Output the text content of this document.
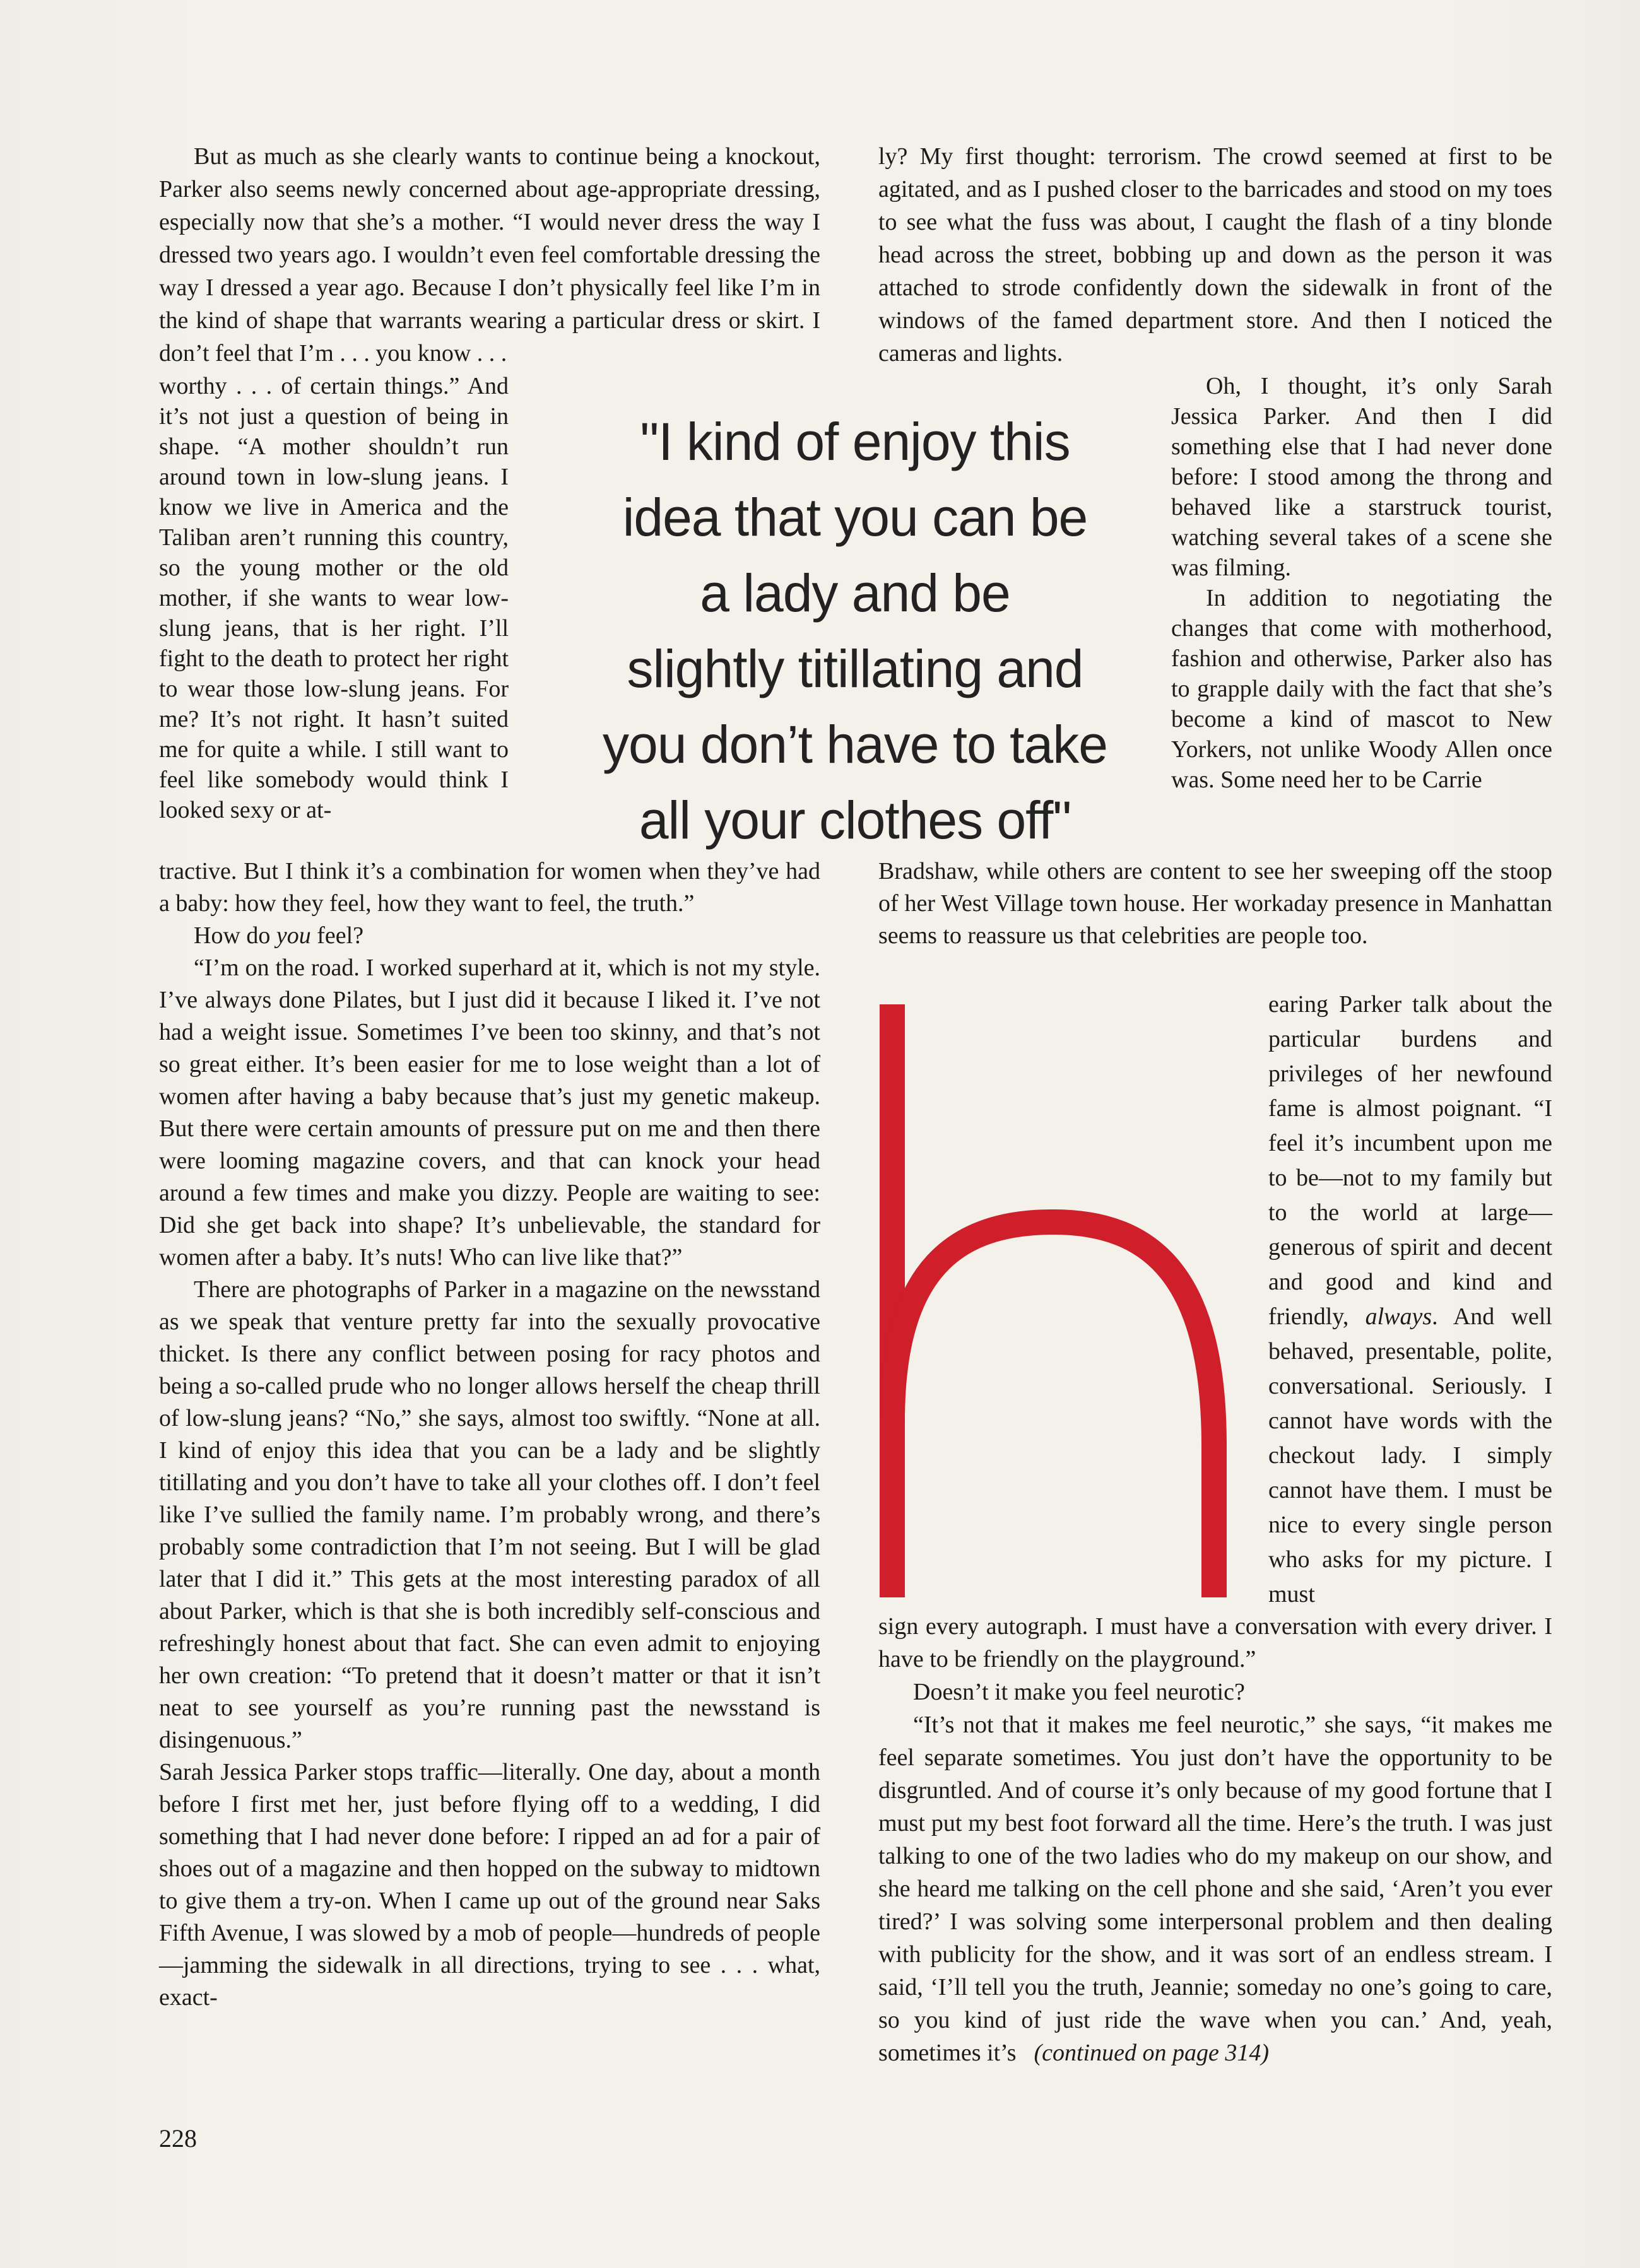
But as much as she clearly wants to continue being a knockout, Parker also seems newly concerned about age-appropriate dressing, especially now that she’s a mother. “I would never dress the way I dressed two years ago. I wouldn’t even feel comfortable dressing the way I dressed a year ago. Because I don’t physically feel like I’m in the kind of shape that warrants wearing a particular dress or skirt. I don’t feel that I’m . . . you know . . .

worthy . . . of certain things.” And it’s not just a question of being in shape. “A mother shouldn’t run around town in low-slung jeans. I know we live in America and the Taliban aren’t running this country, so the young mother or the old mother, if she wants to wear low-slung jeans, that is her right. I’ll fight to the death to protect her right to wear those low-slung jeans. For me? It’s not right. It hasn’t suited me for quite a while. I still want to feel like somebody would think I looked sexy or at-

"I kind of enjoy this
idea that you can be
a lady and be
slightly titillating and
you don’t have to take
all your clothes off"

tractive. But I think it’s a combination for women when they’ve had a baby: how they feel, how they want to feel, the truth.”

How do you feel?

“I’m on the road. I worked superhard at it, which is not my style. I’ve always done Pilates, but I just did it because I liked it. I’ve not had a weight issue. Sometimes I’ve been too skinny, and that’s not so great either. It’s been easier for me to lose weight than a lot of women after having a baby because that’s just my genetic makeup. But there were certain amounts of pressure put on me and then there were looming magazine covers, and that can knock your head around a few times and make you dizzy. People are waiting to see: Did she get back into shape? It’s unbelievable, the standard for women after a baby. It’s nuts! Who can live like that?”

There are photographs of Parker in a magazine on the newsstand as we speak that venture pretty far into the sexually provocative thicket. Is there any conflict between posing for racy photos and being a so-called prude who no longer allows herself the cheap thrill of low-slung jeans? “No,” she says, almost too swiftly. “None at all. I kind of enjoy this idea that you can be a lady and be slightly titillating and you don’t have to take all your clothes off. I don’t feel like I’ve sullied the family name. I’m probably wrong, and there’s probably some contradiction that I’m not seeing. But I will be glad later that I did it.” This gets at the most interesting paradox of all about Parker, which is that she is both incredibly self-conscious and refreshingly honest about that fact. She can even admit to enjoying her own creation: “To pretend that it doesn’t matter or that it isn’t neat to see yourself as you’re running past the newsstand is disingenuous.”

Sarah Jessica Parker stops traffic—literally. One day, about a month before I first met her, just before flying off to a wedding, I did something that I had never done before: I ripped an ad for a pair of shoes out of a magazine and then hopped on the subway to midtown to give them a try-on. When I came up out of the ground near Saks Fifth Avenue, I was slowed by a mob of people—hundreds of people—jamming the sidewalk in all directions, trying to see . . . what, exact-

ly? My first thought: terrorism. The crowd seemed at first to be agitated, and as I pushed closer to the barricades and stood on my toes to see what the fuss was about, I caught the flash of a tiny blonde head across the street, bobbing up and down as the person it was attached to strode confidently down the sidewalk in front of the windows of the famed department store. And then I noticed the cameras and lights.

Oh, I thought, it’s only Sarah Jessica Parker. And then I did something else that I had never done before: I stood among the throng and behaved like a starstruck tourist, watching several takes of a scene she was filming.

In addition to negotiating the changes that come with motherhood, fashion and otherwise, Parker also has to grapple daily with the fact that she’s become a kind of mascot to New Yorkers, not unlike Woody Allen once was. Some need her to be Carrie

Bradshaw, while others are content to see her sweeping off the stoop of her West Village town house. Her workaday presence in Manhattan seems to reassure us that celebrities are people too.

earing Parker talk about the particular burdens and privileges of her newfound fame is almost poignant. “I feel it’s incumbent upon me to be—not to my family but to the world at large—generous of spirit and decent and good and kind and friendly, always. And well behaved, presentable, polite, conversational. Seriously. I cannot have words with the checkout lady. I simply cannot have them. I must be nice to every single person who asks for my picture. I must

sign every autograph. I must have a conversation with every driver. I have to be friendly on the playground.”

Doesn’t it make you feel neurotic?

“It’s not that it makes me feel neurotic,” she says, “it makes me feel separate sometimes. You just don’t have the opportunity to be disgruntled. And of course it’s only because of my good fortune that I must put my best foot forward all the time. Here’s the truth. I was just talking to one of the two ladies who do my makeup on our show, and she heard me talking on the cell phone and she said, ‘Aren’t you ever tired?’ I was solving some interpersonal problem and then dealing with publicity for the show, and it was sort of an endless stream. I said, ‘I’ll tell you the truth, Jeannie; someday no one’s going to care, so you kind of just ride the wave when you can.’ And, yeah, sometimes it’s (continued on page 314)

228
